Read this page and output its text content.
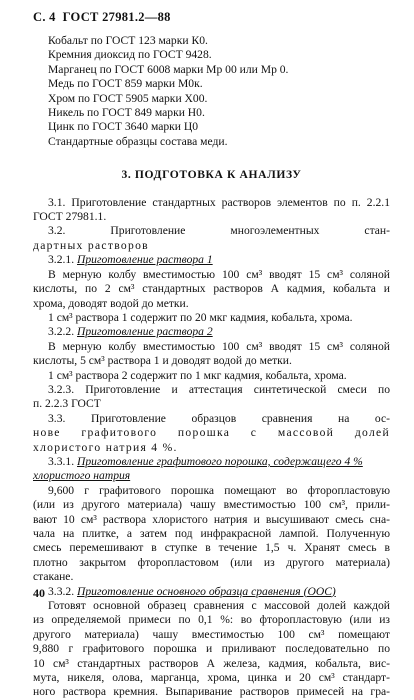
С. 4 ГОСТ 27981.2—88
Кобальт по ГОСТ 123 марки К0.
Кремния диоксид по ГОСТ 9428.
Марганец по ГОСТ 6008 марки Мр 00 или Мр 0.
Медь по ГОСТ 859 марки М0к.
Хром по ГОСТ 5905 марки Х00.
Никель по ГОСТ 849 марки Н0.
Цинк по ГОСТ 3640 марки Ц0
Стандартные образцы состава меди.
3. ПОДГОТОВКА К АНАЛИЗУ
3.1. Приготовление стандартных растворов элементов по п. 2.2.1
ГОСТ 27981.1.
3.2. Приготовление многоэлементных стан-
дартных растворов
3.2.1. Приготовление раствора 1
В мерную колбу вместимостью 100 см³ вводят 15 см³ соляной
кислоты, по 2 см³ стандартных растворов А кадмия, кобальта и
хрома, доводят водой до метки.
1 см³ раствора 1 содержит по 20 мкг кадмия, кобальта, хрома.
3.2.2. Приготовление раствора 2
В мерную колбу вместимостью 100 см³ вводят 15 см³ соляной
кислоты, 5 см³ раствора 1 и доводят водой до метки.
1 см³ раствора 2 содержит по 1 мкг кадмия, кобальта, хрома.
3.2.3. Приготовление и аттестация синтетической смеси по
п. 2.2.3 ГОСТ
3.3. Приготовление образцов сравнения на ос-
нове графитового порошка с массовой долей
хлористого натрия 4 %.
3.3.1. Приготовление графитового порошка, содержащего 4 %
хлористого натрия
9,600 г графитового порошка помещают во фторопластовую
(или из другого материала) чашу вместимостью 100 см³, прили-
вают 10 см³ раствора хлористого натрия и высушивают смесь сна-
чала на плитке, а затем под инфракрасной лампой. Полученную
смесь перемешивают в ступке в течение 1,5 ч. Хранят смесь в
плотно закрытом фторопластовом (или из другого материала)
стакане.
3.3.2. Приготовление основного образца сравнения (ООС)
Готовят основной образец сравнения с массовой долей каждой
из определяемой примеси по 0,1 %: во фторопластовую (или из
другого материала) чашу вместимостью 100 см³ помещают
9,880 г графитового порошка и приливают последовательно по
10 см³ стандартных растворов А железа, кадмия, кобальта, вис-
мута, никеля, олова, марганца, хрома, цинка и 20 см³ стандарт-
ного раствора кремния. Выпаривание растворов примесей на гра-
40
